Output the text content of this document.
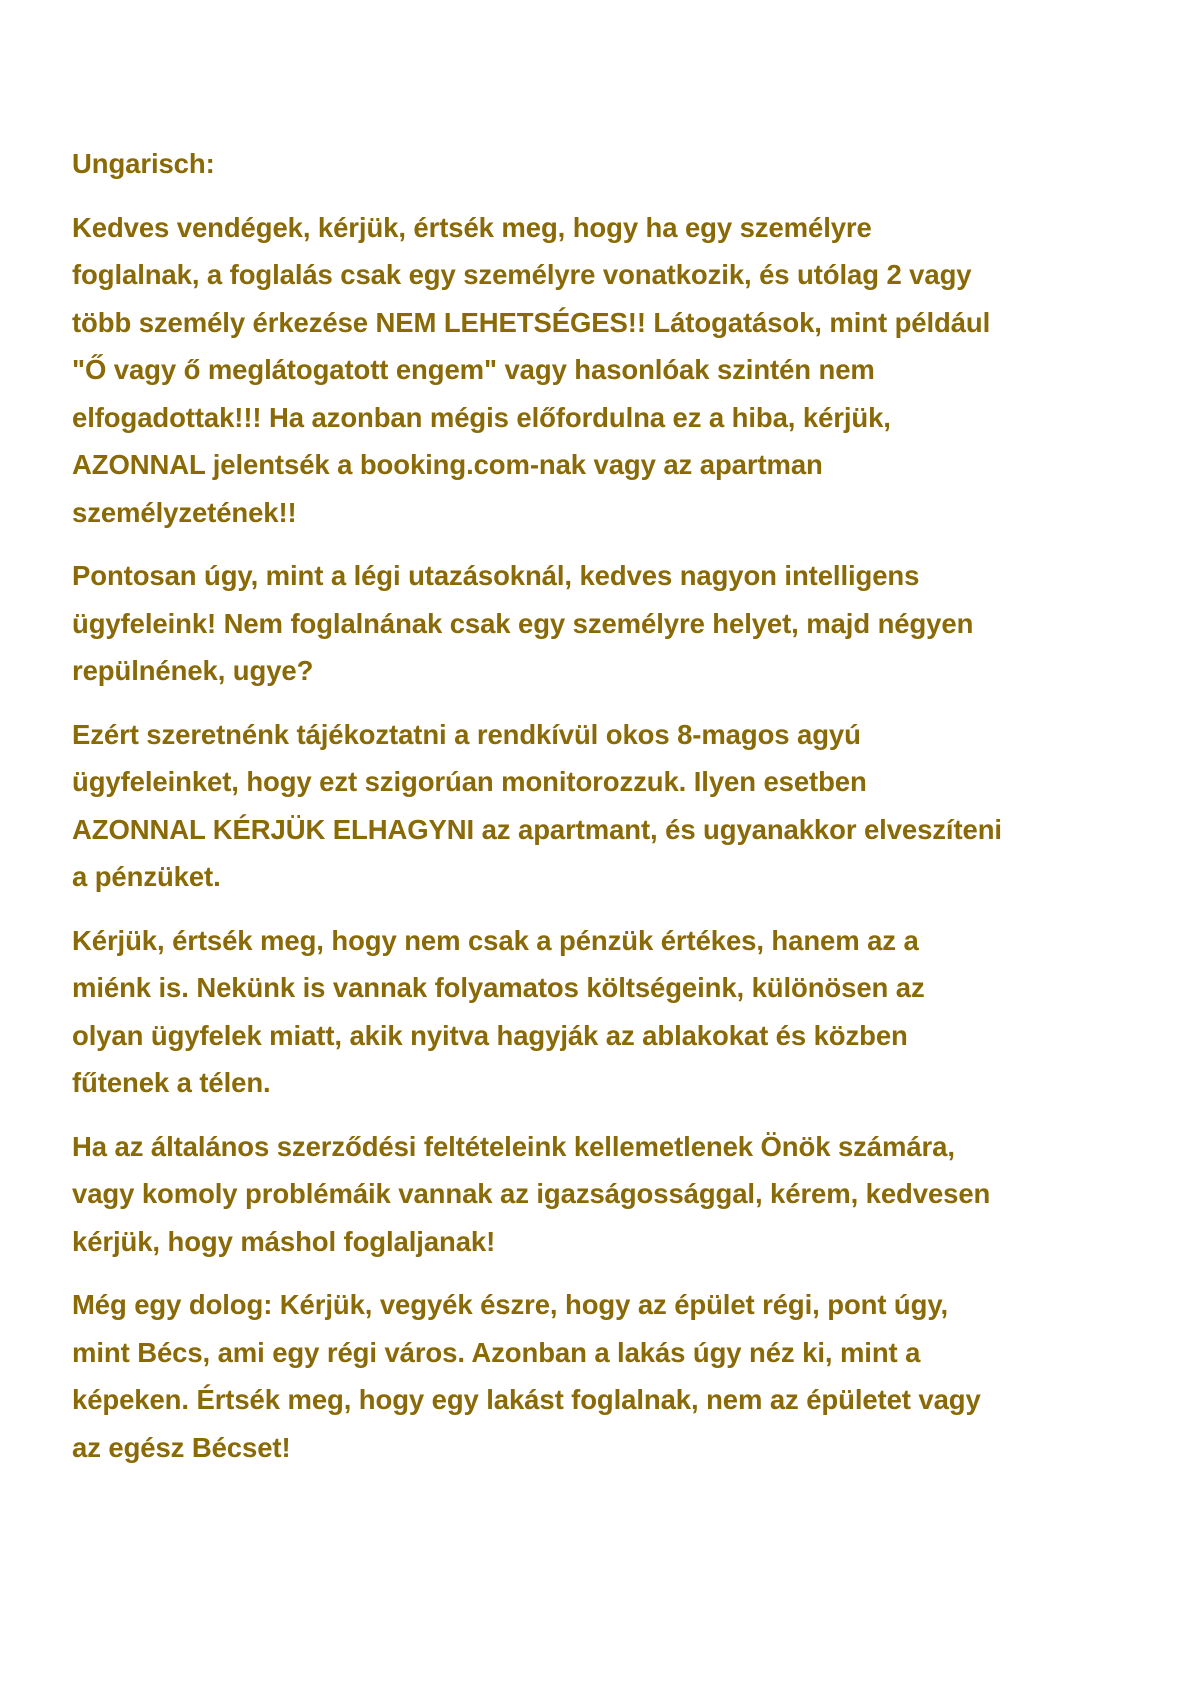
Ungarisch:

Kedves vendégek, kérjük, értsék meg, hogy ha egy személyre
foglalnak, a foglalás csak egy személyre vonatkozik, és utólag 2 vagy
több személy érkezése NEM LEHETSÉGES!! Látogatások, mint például
"Ő vagy ő meglátogatott engem" vagy hasonlóak szintén nem
elfogadottak!!! Ha azonban mégis előfordulna ez a hiba, kérjük,
AZONNAL jelentsék a booking.com-nak vagy az apartman
személyzetének!!

Pontosan úgy, mint a légi utazásoknál, kedves nagyon intelligens
ügyfeleink! Nem foglalnának csak egy személyre helyet, majd négyen
repülnének, ugye?

Ezért szeretnénk tájékoztatni a rendkívül okos 8-magos agyú
ügyfeleinket, hogy ezt szigorúan monitorozzuk. Ilyen esetben
AZONNAL KÉRJÜK ELHAGYNI az apartmant, és ugyanakkor elveszíteni
a pénzüket.

Kérjük, értsék meg, hogy nem csak a pénzük értékes, hanem az a
miénk is. Nekünk is vannak folyamatos költségeink, különösen az
olyan ügyfelek miatt, akik nyitva hagyják az ablakokat és közben
fűtenek a télen.

Ha az általános szerződési feltételeink kellemetlenek Önök számára,
vagy komoly problémáik vannak az igazságossággal, kérem, kedvesen
kérjük, hogy máshol foglaljanak!

Még egy dolog: Kérjük, vegyék észre, hogy az épület régi, pont úgy,
mint Bécs, ami egy régi város. Azonban a lakás úgy néz ki, mint a
képeken. Értsék meg, hogy egy lakást foglalnak, nem az épületet vagy
az egész Bécset!
